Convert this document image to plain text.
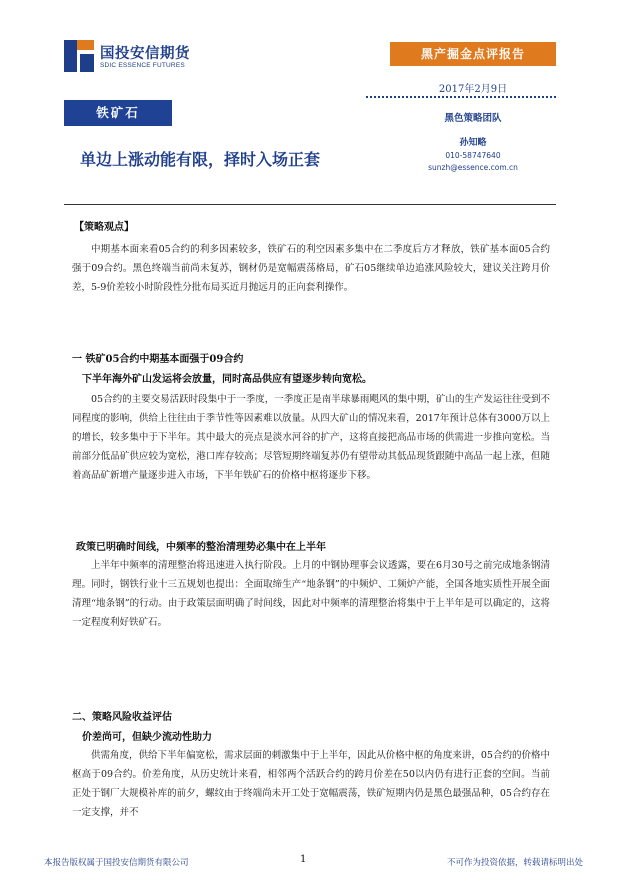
国投安信期货
SDIC ESSENCE FUTURES
黑产掘金点评报告
2017年2月9日
黑色策略团队
孙知略
010-58747640
sunzh@essence.com.cn
铁矿石
单边上涨动能有限，择时入场正套
【策略观点】
中期基本面来看05合约的利多因素较多，铁矿石的利空因素多集中在二季度后方才释放，铁矿基本面05合约强于09合约。黑色终端当前尚未复苏，钢材仍是宽幅震荡格局，矿石05继续单边追涨风险较大，建议关注跨月价差，5-9价差较小时阶段性分批布局买近月抛远月的正向套利操作。
一 铁矿05合约中期基本面强于09合约
下半年海外矿山发运将会放量，同时高品供应有望逐步转向宽松。
05合约的主要交易活跃时段集中于一季度，一季度正是南半球暴雨飓风的集中期，矿山的生产发运往往受到不同程度的影响，供给上往往由于季节性等因素难以放量。从四大矿山的情况来看，2017年预计总体有3000万以上的增长，较多集中于下半年。其中最大的亮点是淡水河谷的扩产，这将直接把高品市场的供需进一步推向宽松。当前部分低品矿供应较为宽松，港口库存较高；尽管短期终端复苏仍有望带动其低品现货跟随中高品一起上涨，但随着高品矿新增产量逐步进入市场，下半年铁矿石的价格中枢将逐步下移。
政策已明确时间线，中频率的整治清理势必集中在上半年
上半年中频率的清理整治将迅速进入执行阶段。上月的中钢协理事会议透露，要在6月30号之前完成地条钢清理。同时，钢铁行业十三五规划也提出：全面取缔生产“地条钢”的中频炉、工频炉产能，全国各地实质性开展全面清理“地条钢”的行动。由于政策层面明确了时间线，因此对中频率的清理整治将集中于上半年是可以确定的，这将一定程度利好铁矿石。
二、策略风险收益评估
价差尚可，但缺少流动性助力
供需角度，供给下半年偏宽松，需求层面的刺激集中于上半年，因此从价格中枢的角度来讲，05合约的价格中枢高于09合约。价差角度，从历史统计来看，相邻两个活跃合约的跨月价差在50以内仍有进行正套的空间。当前正处于钢厂大规模补库的前夕，螺纹由于终端尚未开工处于宽幅震荡，铁矿短期内仍是黑色最强品种，05合约存在一定支撑，并不
本报告版权属于国投安信期货有限公司	1	不可作为投资依据，转载请标明出处
